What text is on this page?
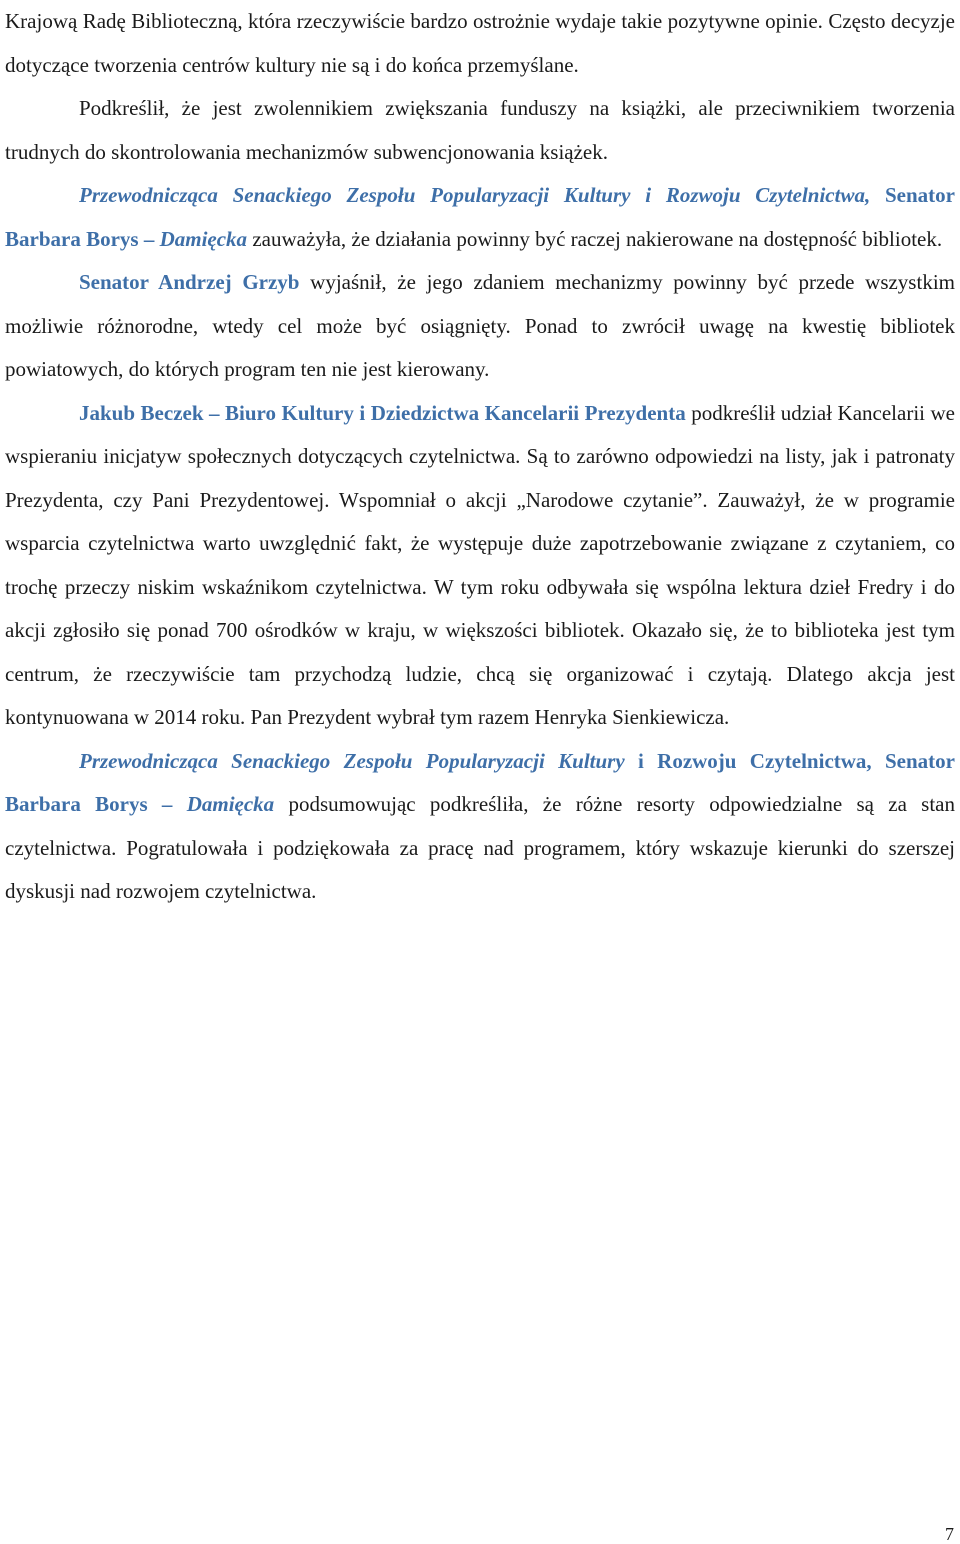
Krajową Radę Biblioteczną, która rzeczywiście bardzo ostrożnie wydaje takie pozytywne opinie. Często decyzje dotyczące tworzenia centrów kultury nie są i do końca przemyślane.

Podkreślił, że jest zwolennikiem zwiększania funduszy na książki, ale przeciwnikiem tworzenia trudnych do skontrolowania mechanizmów subwencjonowania książek.

Przewodnicząca Senackiego Zespołu Popularyzacji Kultury i Rozwoju Czytelnictwa, Senator Barbara Borys – Damięcka zauważyła, że działania powinny być raczej nakierowane na dostępność bibliotek.

Senator Andrzej Grzyb wyjaśnił, że jego zdaniem mechanizmy powinny być przede wszystkim możliwie różnorodne, wtedy cel może być osiągnięty. Ponad to zwrócił uwagę na kwestię bibliotek powiatowych, do których program ten nie jest kierowany.

Jakub Beczek – Biuro Kultury i Dziedzictwa Kancelarii Prezydenta podkreślił udział Kancelarii we wspieraniu inicjatyw społecznych dotyczących czytelnictwa. Są to zarówno odpowiedzi na listy, jak i patronaty Prezydenta, czy Pani Prezydentowej. Wspomniał o akcji „Narodowe czytanie”. Zauważył, że w programie wsparcia czytelnictwa warto uwzględnić fakt, że występuje duże zapotrzebowanie związane z czytaniem, co trochę przeczy niskim wskaźnikom czytelnictwa. W tym roku odbywała się wspólna lektura dzieł Fredry i do akcji zgłosiło się ponad 700 ośrodków w kraju, w większości bibliotek. Okazało się, że to biblioteka jest tym centrum, że rzeczywiście tam przychodzą ludzie, chcą się organizować i czytają. Dlatego akcja jest kontynuowana w 2014 roku. Pan Prezydent wybrał tym razem Henryka Sienkiewicza.

Przewodnicząca Senackiego Zespołu Popularyzacji Kultury i Rozwoju Czytelnictwa, Senator Barbara Borys – Damięcka podsumowując podkreśliła, że różne resorty odpowiedzialne są za stan czytelnictwa. Pogratulowała i podziękowała za pracę nad programem, który wskazuje kierunki do szerszej dyskusji nad rozwojem czytelnictwa.

7
